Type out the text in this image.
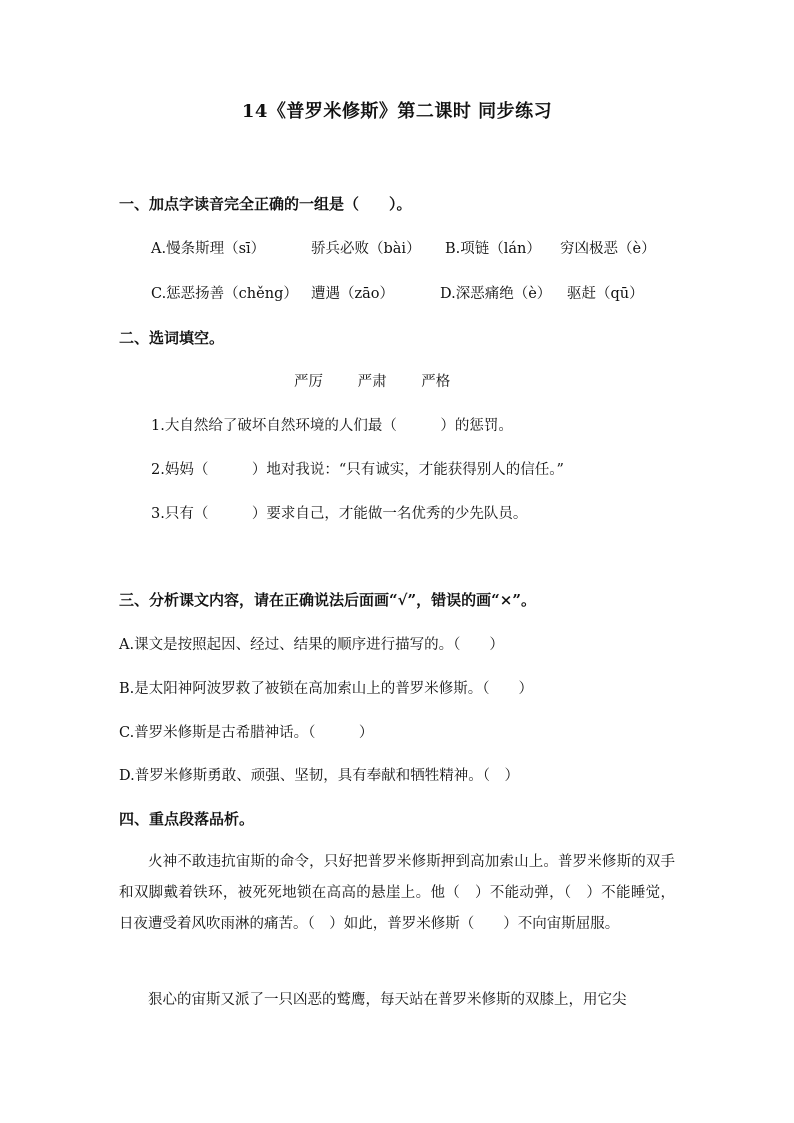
14《普罗米修斯》第二课时 同步练习
一、加点字读音完全正确的一组是（　　）。
A.慢条斯理（sī）	骄兵必败（bài） B.项链（lán） 穷凶极恶（è）
C.惩恶扬善（chěng） 遭遇（zāo）	D.深恶痛绝（è） 驱赶（qū）
二、选词填空。
严厉 严肃 严格
1.大自然给了破坏自然环境的人们最（　　　）的惩罚。
2.妈妈（　　　）地对我说：“只有诚实，才能获得别人的信任。”
3.只有（　　　）要求自己，才能做一名优秀的少先队员。
三、分析课文内容，请在正确说法后面画“√”，错误的画“×”。
A.课文是按照起因、经过、结果的顺序进行描写的。（　　）
B.是太阳神阿波罗救了被锁在高加索山上的普罗米修斯。（　　）
C.普罗米修斯是古希腊神话。（　　　）
D.普罗米修斯勇敢、顽强、坚韧，具有奉献和牺牲精神。（　）
四、重点段落品析。
火神不敢违抗宙斯的命令，只好把普罗米修斯押到高加索山上。普罗米修斯的双手和双脚戴着铁环，被死死地锁在高高的悬崖上。他（　）不能动弹，（　）不能睡觉，日夜遭受着风吹雨淋的痛苦。（　）如此，普罗米修斯（　　）不向宙斯屈服。
狠心的宙斯又派了一只凶恶的鹫鹰，每天站在普罗米修斯的双膝上，用它尖
